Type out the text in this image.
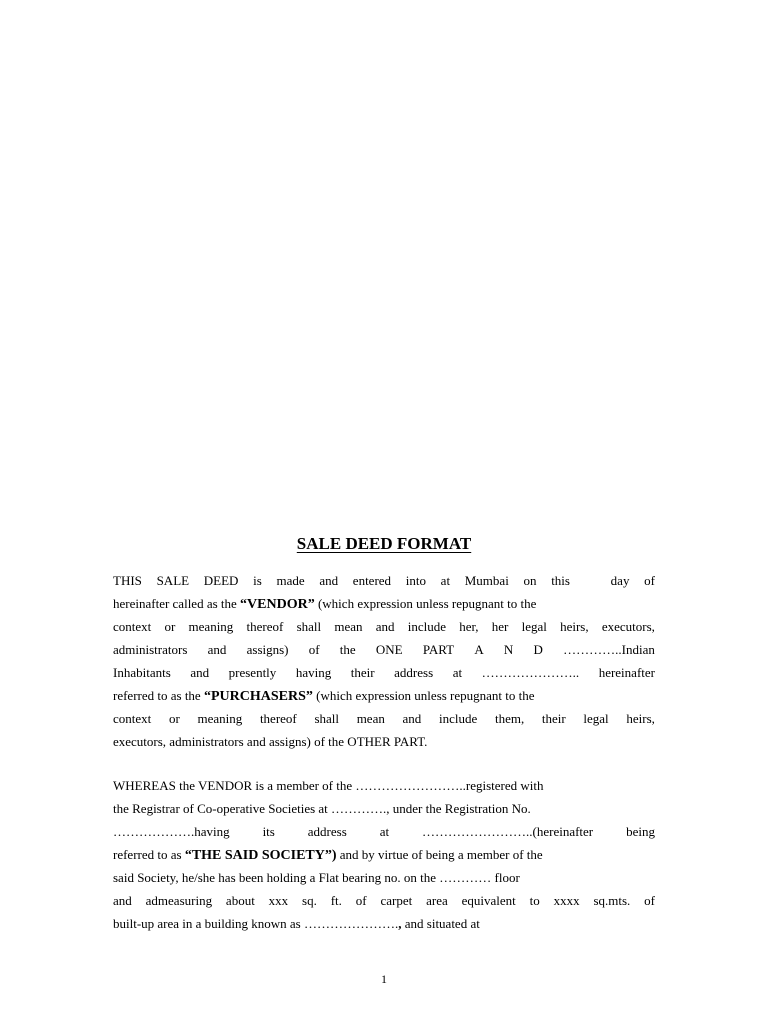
SALE DEED FORMAT
THIS SALE DEED is made and entered into at Mumbai on this day of
hereinafter called as the “VENDOR” (which expression unless repugnant to the
context or meaning thereof shall mean and include her, her legal heirs, executors,
administrators and assigns) of the ONE PART A N D …………..Indian
Inhabitants and presently having their address at ………………….. hereinafter
referred to as the “PURCHASERS” (which expression unless repugnant to the
context or meaning thereof shall mean and include them, their legal heirs,
executors, administrators and assigns) of the OTHER PART.
WHEREAS the VENDOR is a member of the ……………………..registered with
the Registrar of Co-operative Societies at …………., under the Registration No.
……………….having	its	address	at	……………………..(hereinafter	being
referred to as “THE SAID SOCIETY”) and by virtue of being a member of the
said Society, he/she has been holding a Flat bearing no. on the ………… floor
and admeasuring about xxx sq. ft. of carpet area equivalent to xxxx sq.mts. of
built-up area in a building known as …………………., and situated at
1
